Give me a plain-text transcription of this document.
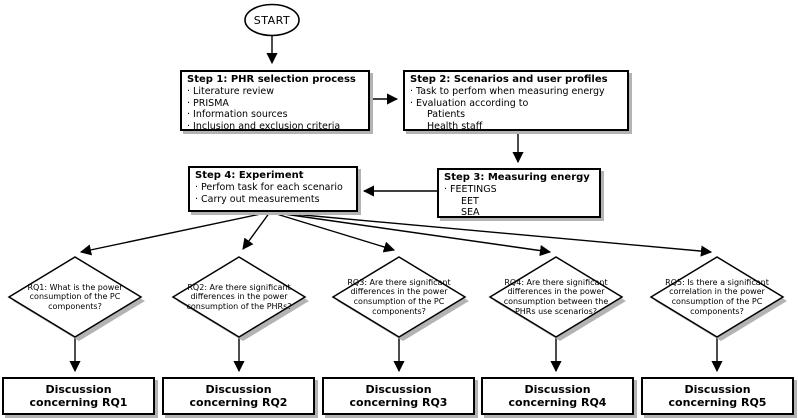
START
Step 1: PHR selection process
· Literature review
· PRISMA
· Information sources
· Inclusion and exclusion criteria
Step 2: Scenarios and user profiles
· Task to perfom when measuring energy
· Evaluation according to
Patients
Health staff
Step 3: Measuring energy
· FEETINGS
EET
SEA
Step 4: Experiment
· Perfom task for each scenario
· Carry out measurements
RQ1: What is the power consumption of the PC components?
RQ2: Are there significant differences in the power consumption of the PHRs?
RQ3: Are there significant differences in the power consumption of the PC components?
RQ4: Are there significant differences in the power consumption between the PHRs use scenarios?
RQ5: Is there a significant correlation in the power consumption of the PC components?
Discussion concerning RQ1
Discussion concerning RQ2
Discussion concerning RQ3
Discussion concerning RQ4
Discussion concerning RQ5
